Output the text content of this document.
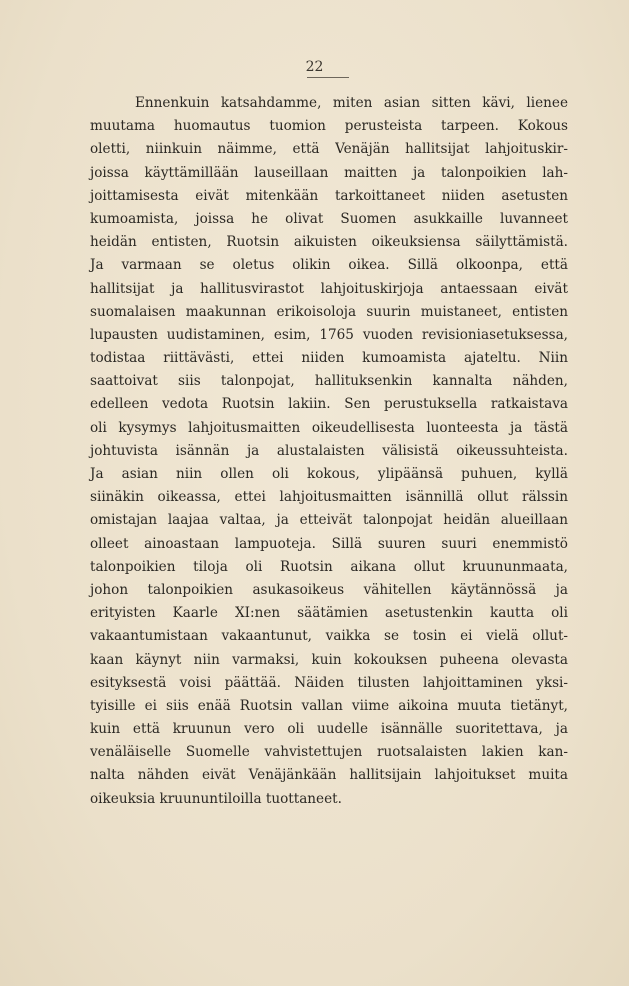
22
Ennenkuin katsahdamme, miten asian sitten kävi, lienee
muutama huomautus tuomion perusteista tarpeen. Kokous
oletti, niinkuin näimme, että Venäjän hallitsijat lahjoituskir-
joissa käyttämillään lauseillaan maitten ja talonpoikien lah-
joittamisesta eivät mitenkään tarkoittaneet niiden asetusten
kumoamista, joissa he olivat Suomen asukkaille luvanneet
heidän entisten, Ruotsin aikuisten oikeuksiensa säilyttämistä.
Ja varmaan se oletus olikin oikea. Sillä olkoonpa, että
hallitsijat ja hallitusvirastot lahjoituskirjoja antaessaan eivät
suomalaisen maakunnan erikoisoloja suurin muistaneet, entisten
lupausten uudistaminen, esim, 1765 vuoden revisioniasetuksessa,
todistaa riittävästi, ettei niiden kumoamista ajateltu. Niin
saattoivat siis talonpojat, hallituksenkin kannalta nähden,
edelleen vedota Ruotsin lakiin. Sen perustuksella ratkaistava
oli kysymys lahjoitusmaitten oikeudellisesta luonteesta ja tästä
johtuvista isännän ja alustalaisten välisistä oikeussuhteista.
Ja asian niin ollen oli kokous, ylipäänsä puhuen, kyllä
siinäkin oikeassa, ettei lahjoitusmaitten isännillä ollut rälssin
omistajan laajaa valtaa, ja etteivät talonpojat heidän alueillaan
olleet ainoastaan lampuoteja. Sillä suuren suuri enemmistö
talonpoikien tiloja oli Ruotsin aikana ollut kruununmaata,
johon talonpoikien asukasoikeus vähitellen käytännössä ja
erityisten Kaarle XI:nen säätämien asetustenkin kautta oli
vakaantumistaan vakaantunut, vaikka se tosin ei vielä ollut-
kaan käynyt niin varmaksi, kuin kokouksen puheena olevasta
esityksestä voisi päättää. Näiden tilusten lahjoittaminen yksi-
tyisille ei siis enää Ruotsin vallan viime aikoina muuta tietänyt,
kuin että kruunun vero oli uudelle isännälle suoritettava, ja
venäläiselle Suomelle vahvistettujen ruotsalaisten lakien kan-
nalta nähden eivät Venäjänkään hallitsijain lahjoitukset muita
oikeuksia kruununtiloilla tuottaneet.
